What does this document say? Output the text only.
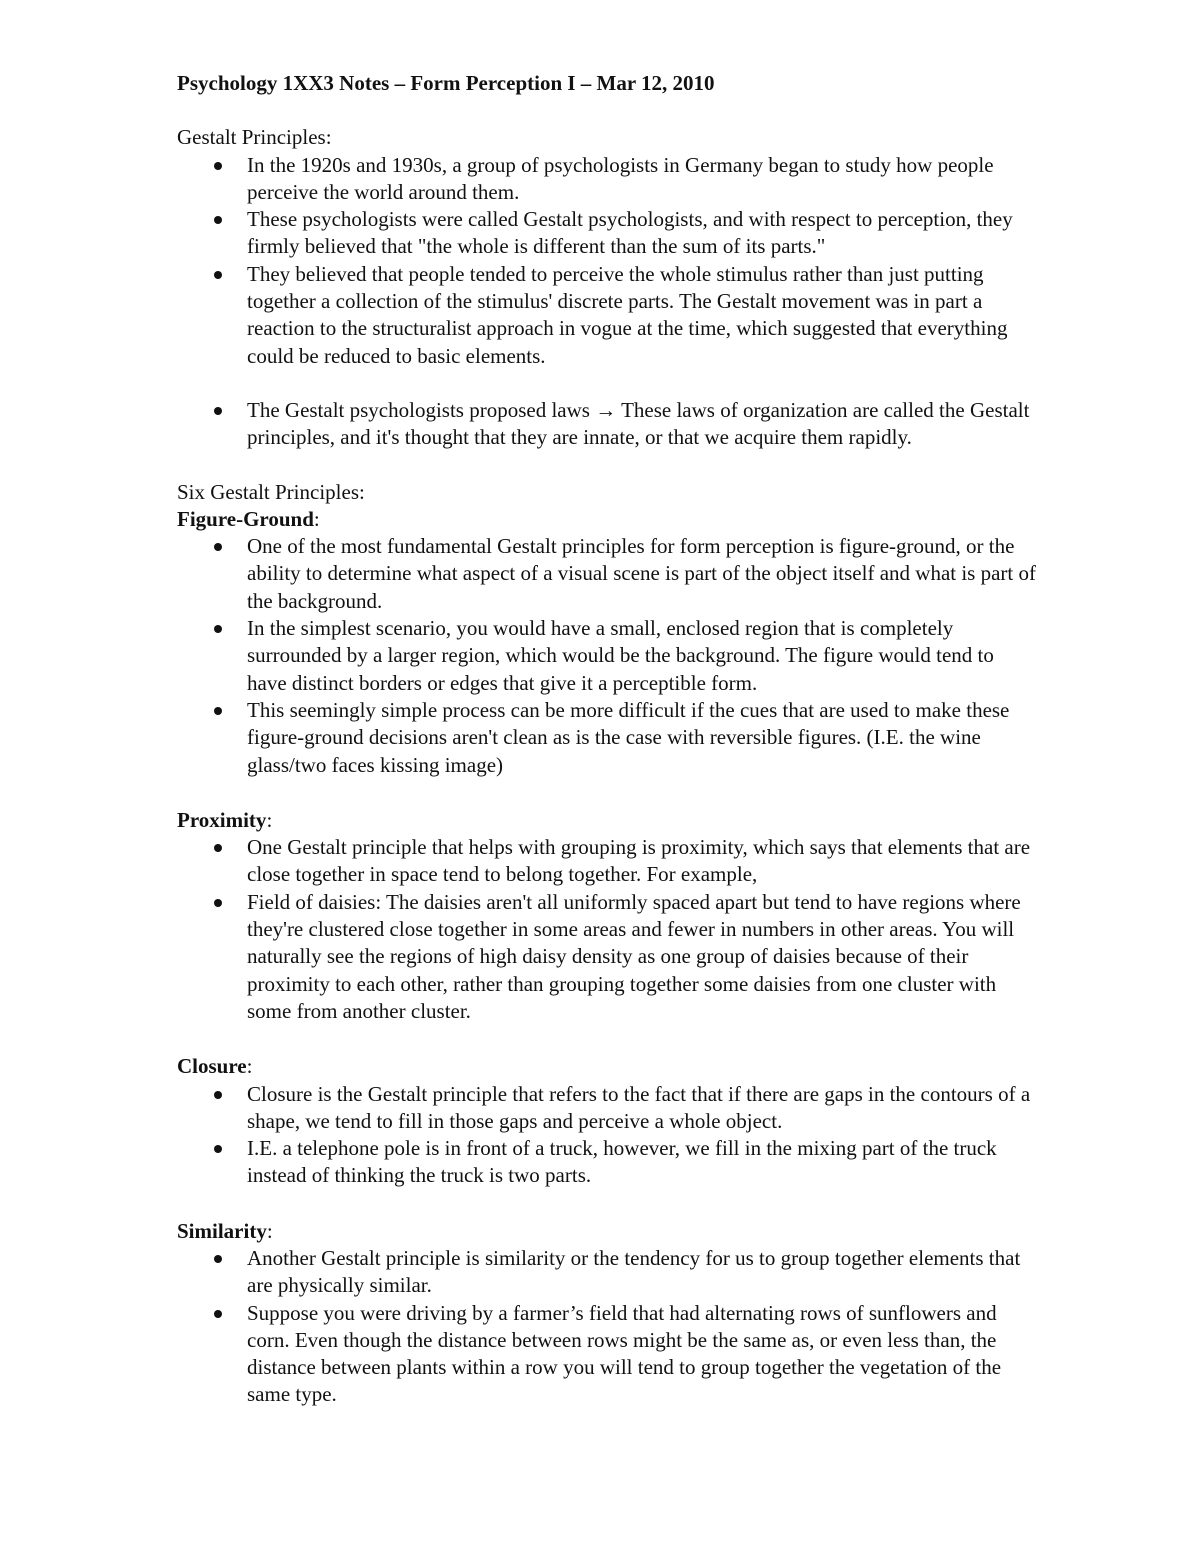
Psychology 1XX3 Notes – Form Perception I – Mar 12, 2010
Gestalt Principles:
In the 1920s and 1930s, a group of psychologists in Germany began to study how people perceive the world around them.
These psychologists were called Gestalt psychologists, and with respect to perception, they firmly believed that "the whole is different than the sum of its parts."
They believed that people tended to perceive the whole stimulus rather than just putting together a collection of the stimulus' discrete parts. The Gestalt movement was in part a reaction to the structuralist approach in vogue at the time, which suggested that everything could be reduced to basic elements.
The Gestalt psychologists proposed laws → These laws of organization are called the Gestalt principles, and it's thought that they are innate, or that we acquire them rapidly.
Six Gestalt Principles:
Figure-Ground:
One of the most fundamental Gestalt principles for form perception is figure-ground, or the ability to determine what aspect of a visual scene is part of the object itself and what is part of the background.
In the simplest scenario, you would have a small, enclosed region that is completely surrounded by a larger region, which would be the background. The figure would tend to have distinct borders or edges that give it a perceptible form.
This seemingly simple process can be more difficult if the cues that are used to make these figure-ground decisions aren't clean as is the case with reversible figures. (I.E. the wine glass/two faces kissing image)
Proximity:
One Gestalt principle that helps with grouping is proximity, which says that elements that are close together in space tend to belong together. For example,
Field of daisies: The daisies aren't all uniformly spaced apart but tend to have regions where they're clustered close together in some areas and fewer in numbers in other areas. You will naturally see the regions of high daisy density as one group of daisies because of their proximity to each other, rather than grouping together some daisies from one cluster with some from another cluster.
Closure:
Closure is the Gestalt principle that refers to the fact that if there are gaps in the contours of a shape, we tend to fill in those gaps and perceive a whole object.
I.E. a telephone pole is in front of a truck, however, we fill in the mixing part of the truck instead of thinking the truck is two parts.
Similarity:
Another Gestalt principle is similarity or the tendency for us to group together elements that are physically similar.
Suppose you were driving by a farmer’s field that had alternating rows of sunflowers and corn. Even though the distance between rows might be the same as, or even less than, the distance between plants within a row you will tend to group together the vegetation of the same type.
